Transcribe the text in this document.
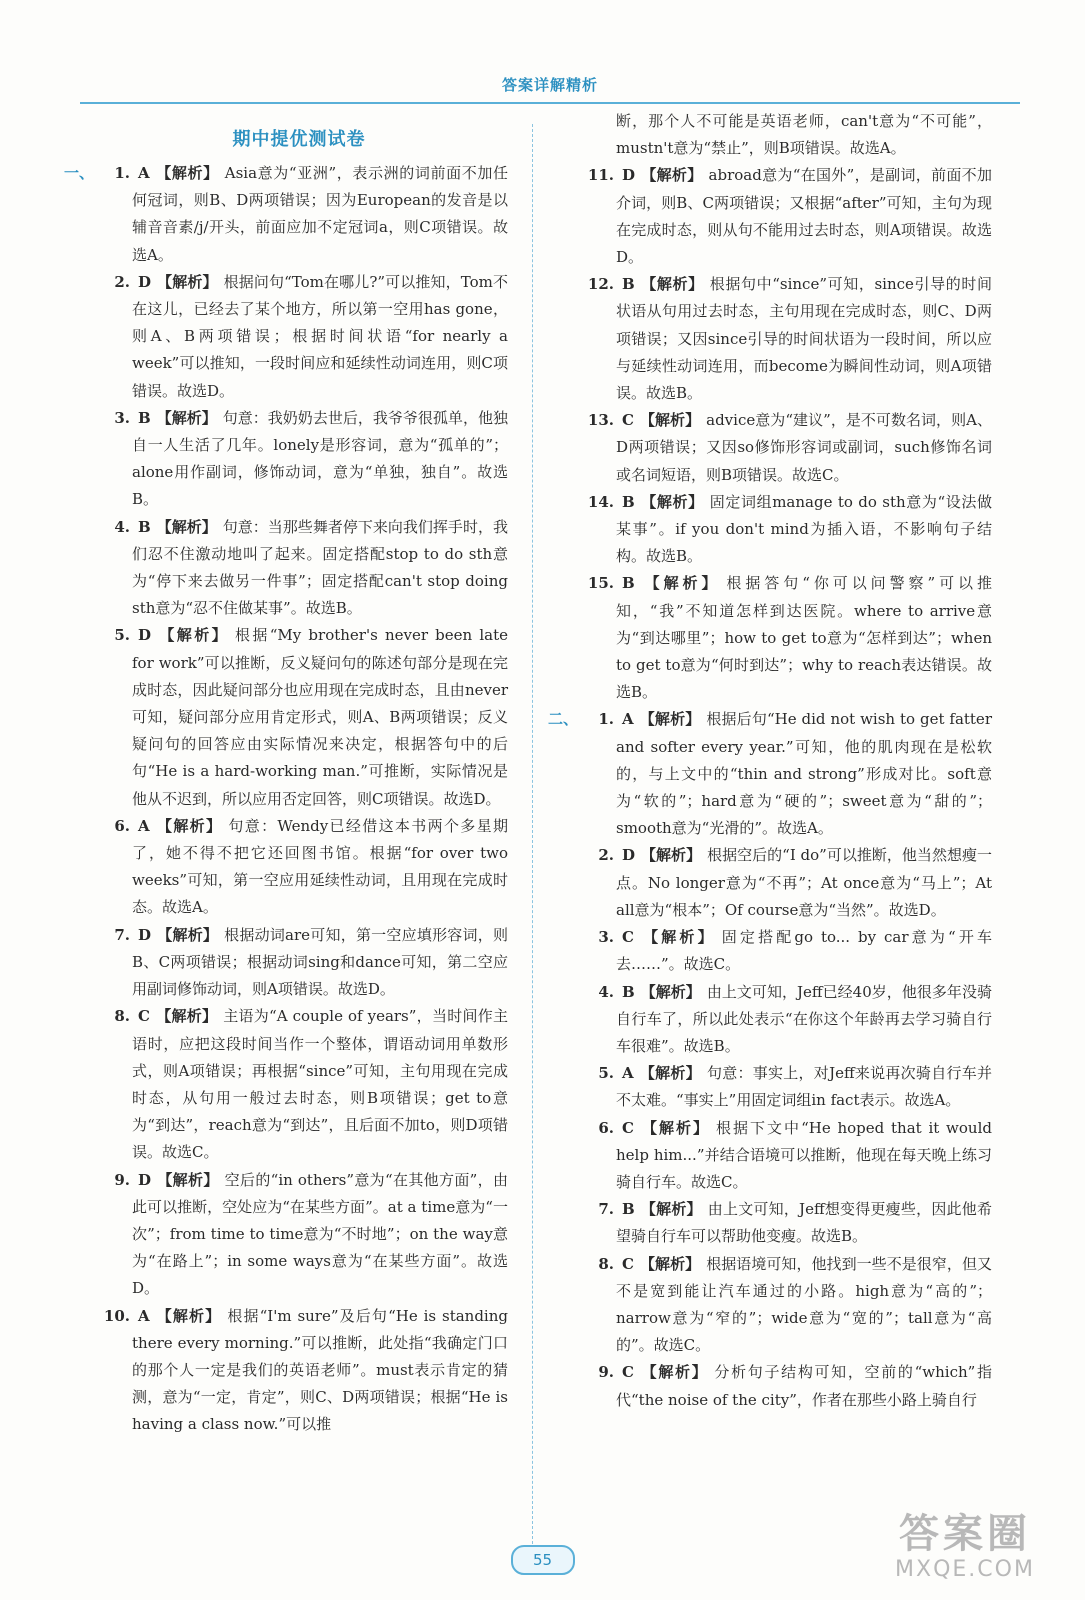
答案详解精析
期中提优测试卷
一、 1. A 【解析】 Asia意为“亚洲”，表示洲的词前面不加任何冠词，则B、D两项错误；因为European的发音是以辅音音素/j/开头，前面应加不定冠词a，则C项错误。故选A。
2. D 【解析】 根据问句“Tom在哪儿?”可以推知，Tom不在这儿，已经去了某个地方，所以第一空用has gone，则A、B两项错误；根据时间状语“for nearly a week”可以推知，一段时间应和延续性动词连用，则C项错误。故选D。
3. B 【解析】 句意：我奶奶去世后，我爷爷很孤单，他独自一人生活了几年。lonely是形容词，意为“孤单的”；alone用作副词，修饰动词，意为“单独，独自”。故选B。
4. B 【解析】 句意：当那些舞者停下来向我们挥手时，我们忍不住激动地叫了起来。固定搭配stop to do sth意为“停下来去做另一件事”；固定搭配can't stop doing sth意为“忍不住做某事”。故选B。
5. D 【解析】 根据“My brother's never been late for work”可以推断，反义疑问句的陈述句部分是现在完成时态，因此疑问部分也应用现在完成时态，且由never可知，疑问部分应用肯定形式，则A、B两项错误；反义疑问句的回答应由实际情况来决定，根据答句中的后句“He is a hard-working man.”可推断，实际情况是他从不迟到，所以应用否定回答，则C项错误。故选D。
6. A 【解析】 句意：Wendy已经借这本书两个多星期了，她不得不把它还回图书馆。根据“for over two weeks”可知，第一空应用延续性动词，且用现在完成时态。故选A。
7. D 【解析】 根据动词are可知，第一空应填形容词，则B、C两项错误；根据动词sing和dance可知，第二空应用副词修饰动词，则A项错误。故选D。
8. C 【解析】 主语为“A couple of years”，当时间作主语时，应把这段时间当作一个整体，谓语动词用单数形式，则A项错误；再根据“since”可知，主句用现在完成时态，从句用一般过去时态，则B项错误；get to意为“到达”，reach意为“到达”，且后面不加to，则D项错误。故选C。
9. D 【解析】 空后的“in others”意为“在其他方面”，由此可以推断，空处应为“在某些方面”。at a time意为“一次”；from time to time意为“不时地”；on the way意为“在路上”；in some ways意为“在某些方面”。故选D。
10. A 【解析】 根据“I'm sure”及后句“He is standing there every morning.”可以推断，此处指“我确定门口的那个人一定是我们的英语老师”。must表示肯定的猜测，意为“一定，肯定”，则C、D两项错误；根据“He is having a class now.”可以推
断，那个人不可能是英语老师，can't意为“不可能”，mustn't意为“禁止”，则B项错误。故选A。
11. D 【解析】 abroad意为“在国外”，是副词，前面不加介词，则B、C两项错误；又根据“after”可知，主句为现在完成时态，则从句不能用过去时态，则A项错误。故选D。
12. B 【解析】 根据句中“since”可知，since引导的时间状语从句用过去时态，主句用现在完成时态，则C、D两项错误；又因since引导的时间状语为一段时间，所以应与延续性动词连用，而become为瞬间性动词，则A项错误。故选B。
13. C 【解析】 advice意为“建议”，是不可数名词，则A、D两项错误；又因so修饰形容词或副词，such修饰名词或名词短语，则B项错误。故选C。
14. B 【解析】 固定词组manage to do sth意为“设法做某事”。if you don't mind为插入语，不影响句子结构。故选B。
15. B 【解析】 根据答句“你可以问警察”可以推知，“我”不知道怎样到达医院。where to arrive意为“到达哪里”；how to get to意为“怎样到达”；when to get to意为“何时到达”；why to reach表达错误。故选B。
二、 1. A 【解析】 根据后句“He did not wish to get fatter and softer every year.”可知，他的肌肉现在是松软的，与上文中的“thin and strong”形成对比。soft意为“软的”；hard意为“硬的”；sweet意为“甜的”；smooth意为“光滑的”。故选A。
2. D 【解析】 根据空后的“I do”可以推断，他当然想瘦一点。No longer意为“不再”；At once意为“马上”；At all意为“根本”；Of course意为“当然”。故选D。
3. C 【解析】 固定搭配go to... by car意为“开车去……”。故选C。
4. B 【解析】 由上文可知，Jeff已经40岁，他很多年没骑自行车了，所以此处表示“在你这个年龄再去学习骑自行车很难”。故选B。
5. A 【解析】 句意：事实上，对Jeff来说再次骑自行车并不太难。“事实上”用固定词组in fact表示。故选A。
6. C 【解析】 根据下文中“He hoped that it would help him...”并结合语境可以推断，他现在每天晚上练习骑自行车。故选C。
7. B 【解析】 由上文可知，Jeff想变得更瘦些，因此他希望骑自行车可以帮助他变瘦。故选B。
8. C 【解析】 根据语境可知，他找到一些不是很窄，但又不是宽到能让汽车通过的小路。high意为“高的”；narrow意为“窄的”；wide意为“宽的”；tall意为“高的”。故选C。
9. C 【解析】 分析句子结构可知，空前的“which”指代“the noise of the city”，作者在那些小路上骑自行
55
答案圈
MXQE.COM
